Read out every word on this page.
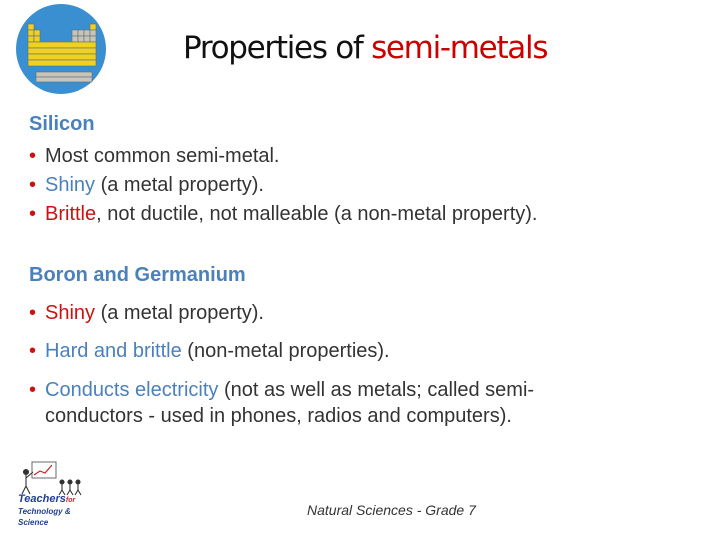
Properties of semi-metals
Silicon
• Most common semi-metal.
• Shiny (a metal property).
• Brittle, not ductile, not malleable (a non-metal property).
Boron and Germanium
• Shiny (a metal property).
• Hard and brittle (non-metal properties).
• Conducts electricity (not as well as metals; called semi-
conductors - used in phones, radios and computers).
Teachersfor
Technology & Science
Natural Sciences - Grade 7
